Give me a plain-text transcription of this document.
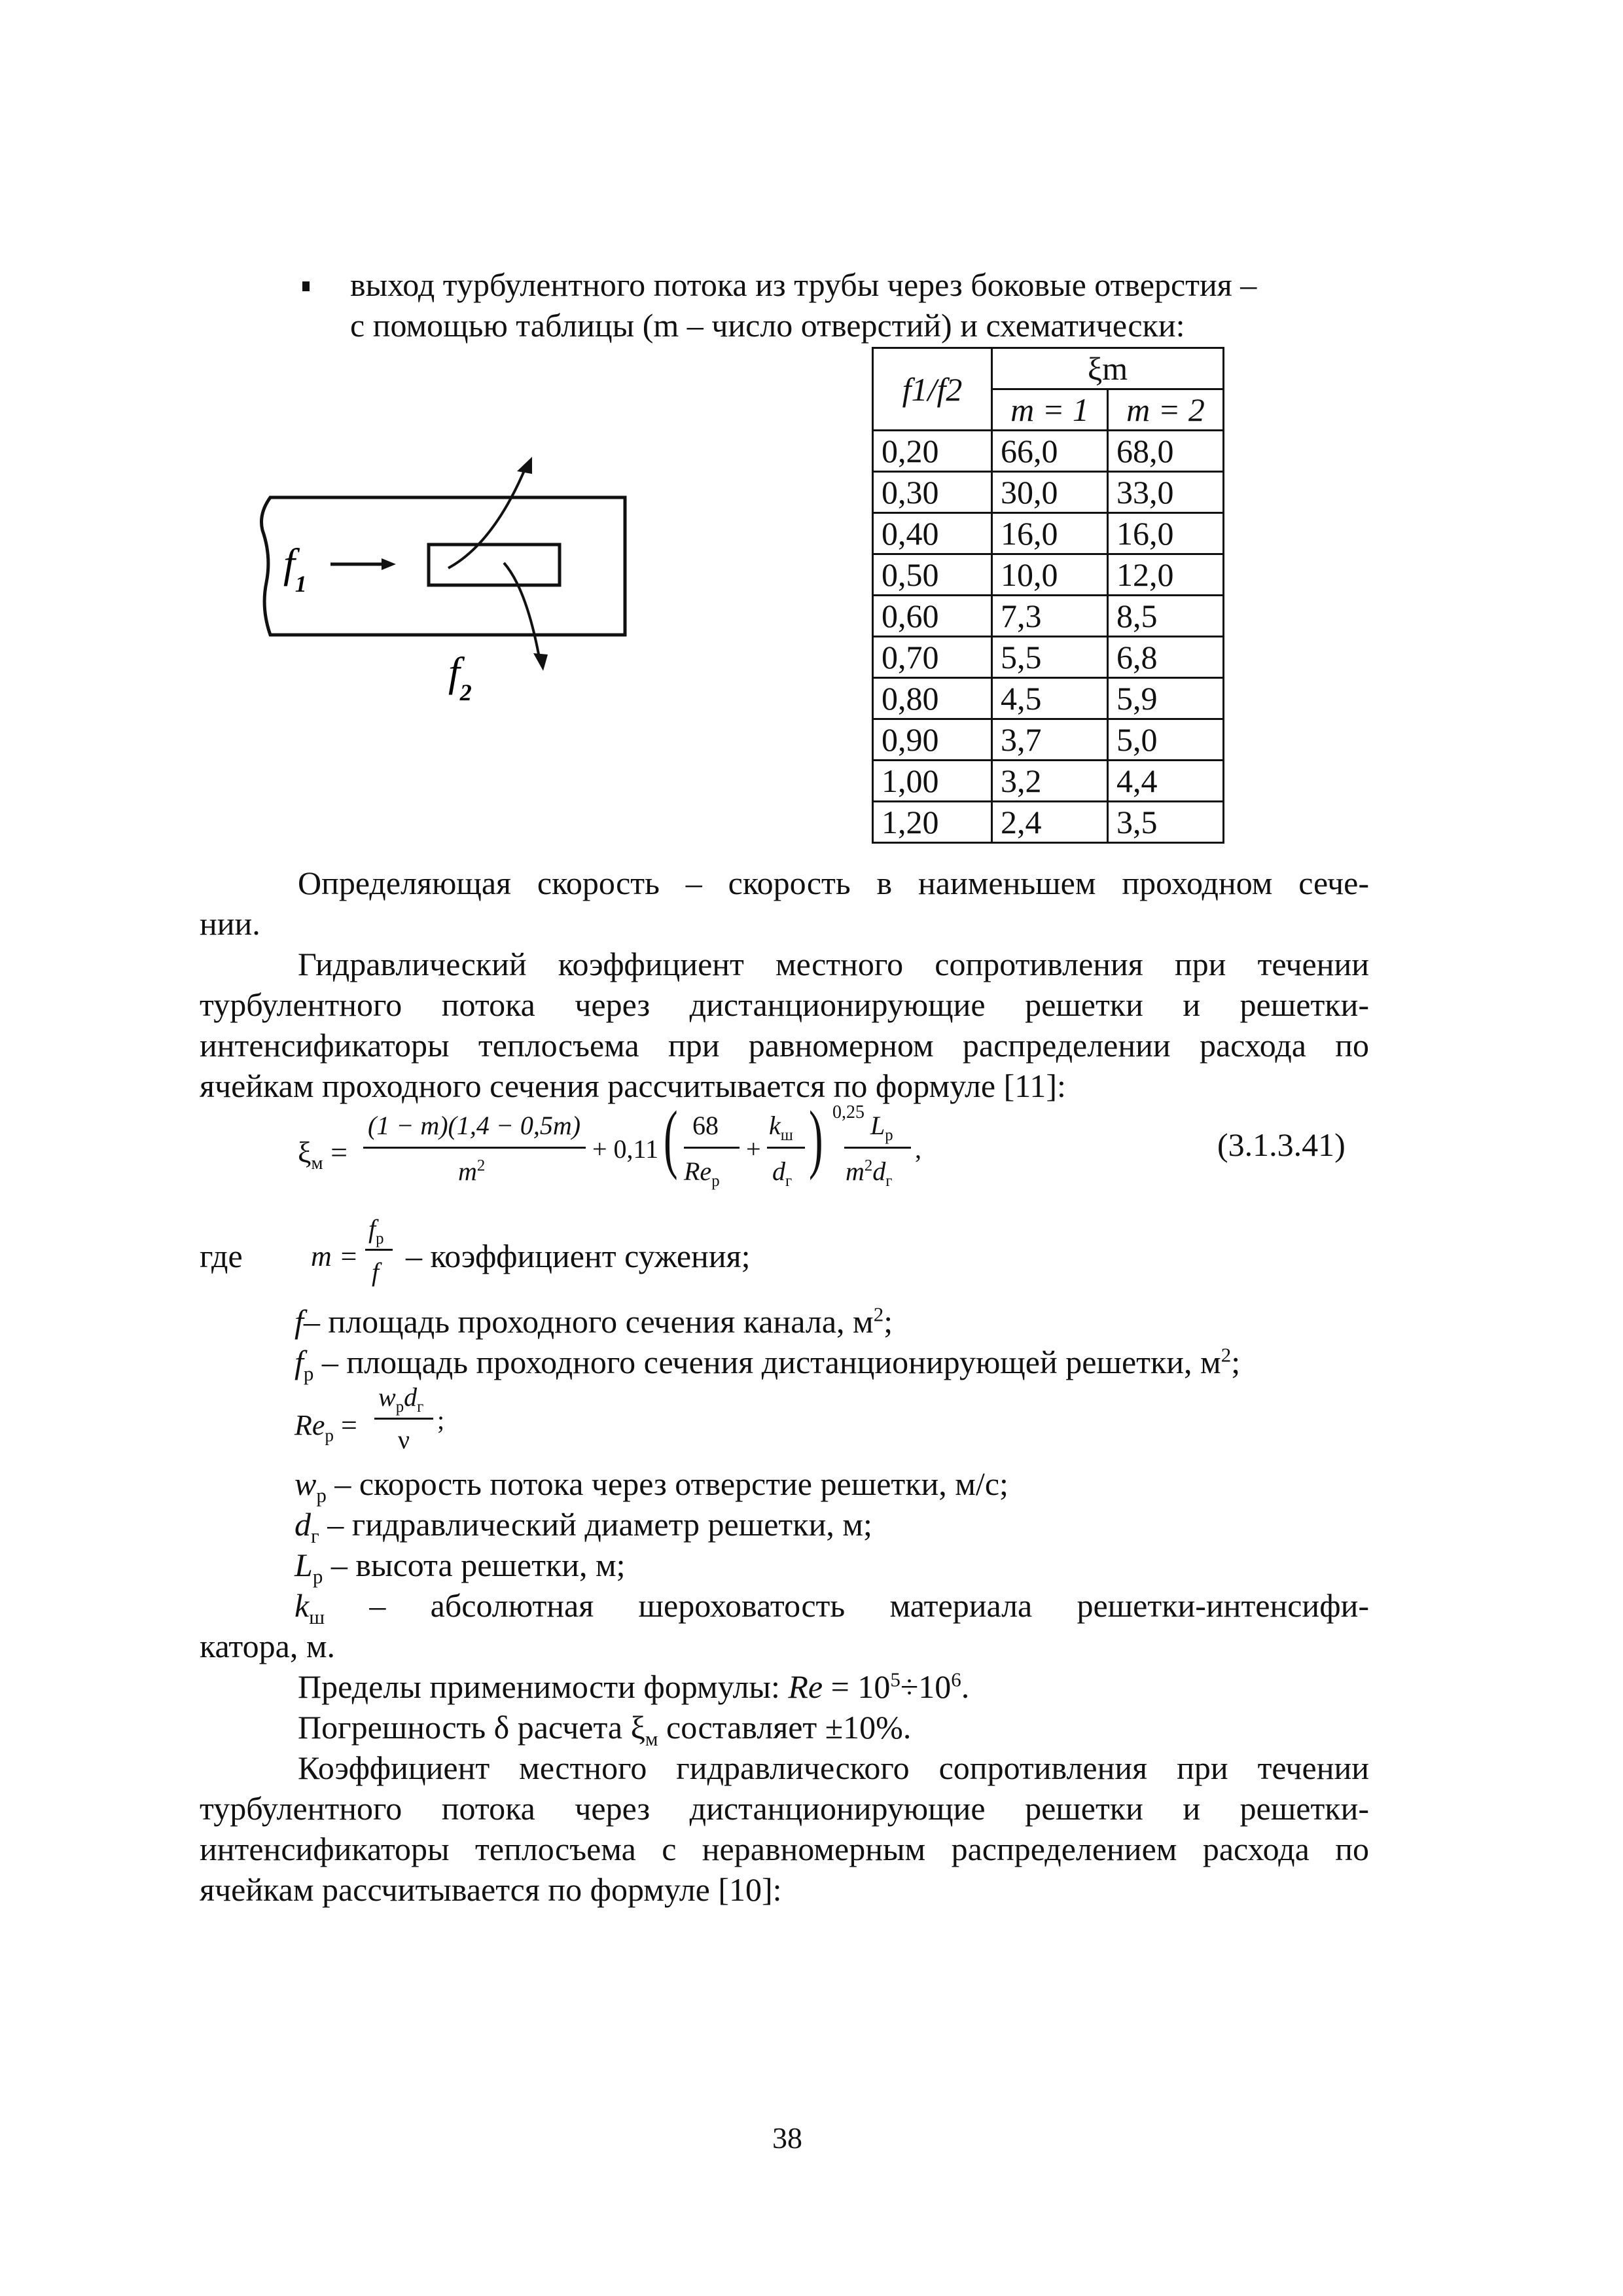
выход турбулентного потока из трубы через боковые отверстия –
с помощью таблицы (m – число отверстий) и схематически:
$f_1$
$f_2$
f1/f2	ξm	
	m = 1	m = 2
0,20	66,0	68,0
0,30	30,0	33,0
0,40	16,0	16,0
0,50	10,0	12,0
0,60	7,3	8,5
0,70	5,5	6,8
0,80	4,5	5,9
0,90	3,7	5,0
1,00	3,2	4,4
1,20	2,4	3,5
Определяющая скорость – скорость в наименьшем проходном сече-
нии.
Гидравлический коэффициент местного сопротивления при течении
турбулентного потока через дистанционирующие решетки и решетки-
интенсификаторы теплосъема при равномерном распределении расхода по
ячейкам проходного сечения рассчитывается по формуле [11]:
$\xi_м$ =
(1 − m)(1,4 − 0,5m)
$m^2$
+ 0,11 ( 68
$Re_р$
+
$k_ш$
$d_г$
) 0,25 $L_р$
$m^2d_г$
,	(3.1.3.41)
где m =
$f_р$
f – коэффициент сужения;
f– площадь проходного сечения канала, $м^2$;
$f_р$ – площадь проходного сечения дистанционирующей решетки, $м^2$;
$Re_р$ =
$w_рd_г$
ν
;
$w_р$ – скорость потока через отверстие решетки, м/с;
$d_г$ – гидравлический диаметр решетки, м;
$L_р$ – высота решетки, м;
$k_ш$ – абсолютная шероховатость материала решетки-интенсифи-
катора, м.
Пределы применимости формулы: $Re = 10^5\div 10^6$.
Погрешность δ расчета $\xi_м$ составляет ±10%.
Коэффициент местного гидравлического сопротивления при течении
турбулентного потока через дистанционирующие решетки и решетки-
интенсификаторы теплосъема с неравномерным распределением расхода по
ячейкам рассчитывается по формуле [10]:
38
